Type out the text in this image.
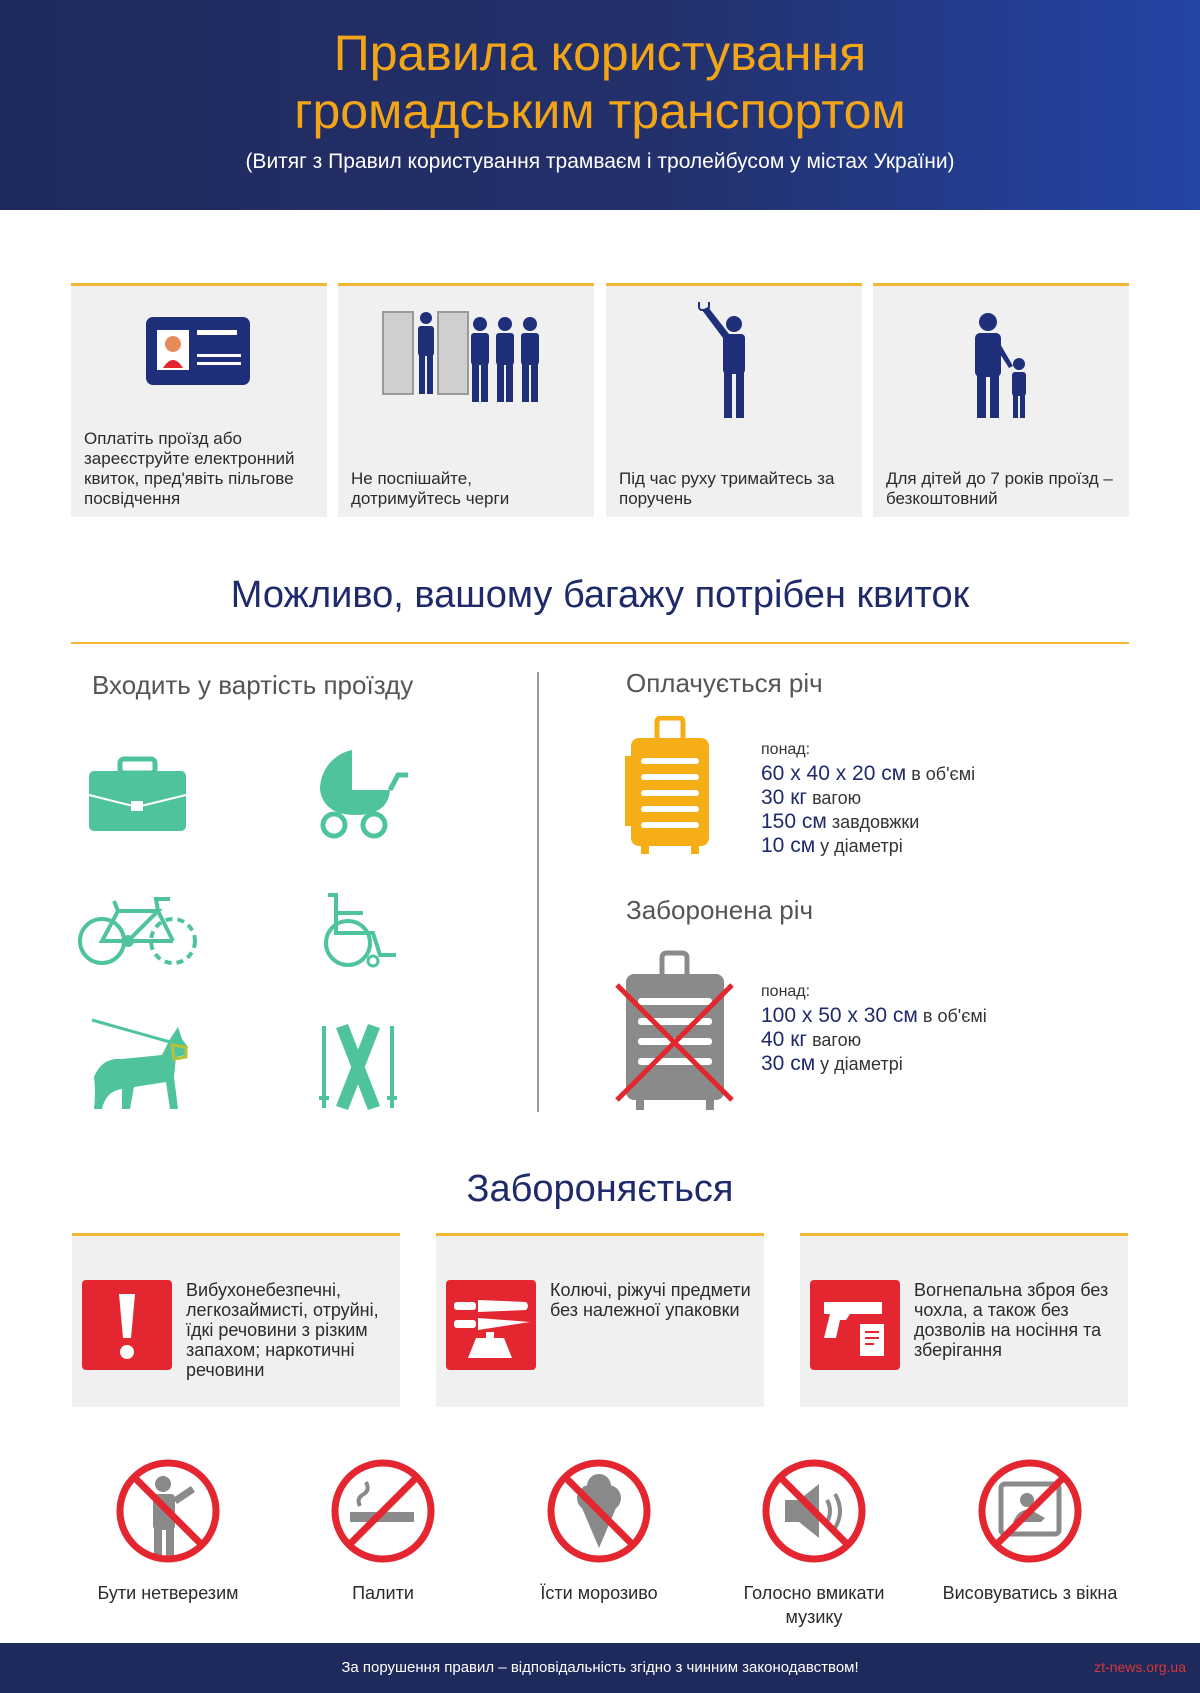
Правила користування
громадським транспортом
(Витяг з Правил користування трамваєм і тролейбусом у містах України)
Оплатіть проїзд або зареєструйте електронний квиток, пред'явіть пільгове посвідчення
Не поспішайте, дотримуйтесь черги
Під час руху тримайтесь за поручень
Для дітей до 7 років проїзд – безкоштовний
Можливо, вашому багажу потрібен квиток
Входить у вартість проїзду	Оплачується річ
понад:
60 х 40 х 20 см в об'ємі
30 кг вагою
150 см завдовжки
10 см у діаметрі
Заборонена річ
понад:
100 х 50 х 30 см в об'ємі
40 кг вагою
30 см у діаметрі
Забороняється
Вибухонебезпечні, легкозаймисті, отруйні, їдкі речовини з різким запахом; наркотичні речовини
Колючі, ріжучі предмети без належної упаковки
Вогнепальна зброя без чохла, а також без дозволів на носіння та зберігання
Бути нетверезим	Палити	Їсти морозиво	Голосно вмикати музику
Висовуватись з вікна
За порушення правил – відповідальність згідно з чинним законодавством!	zt-news.org.ua
